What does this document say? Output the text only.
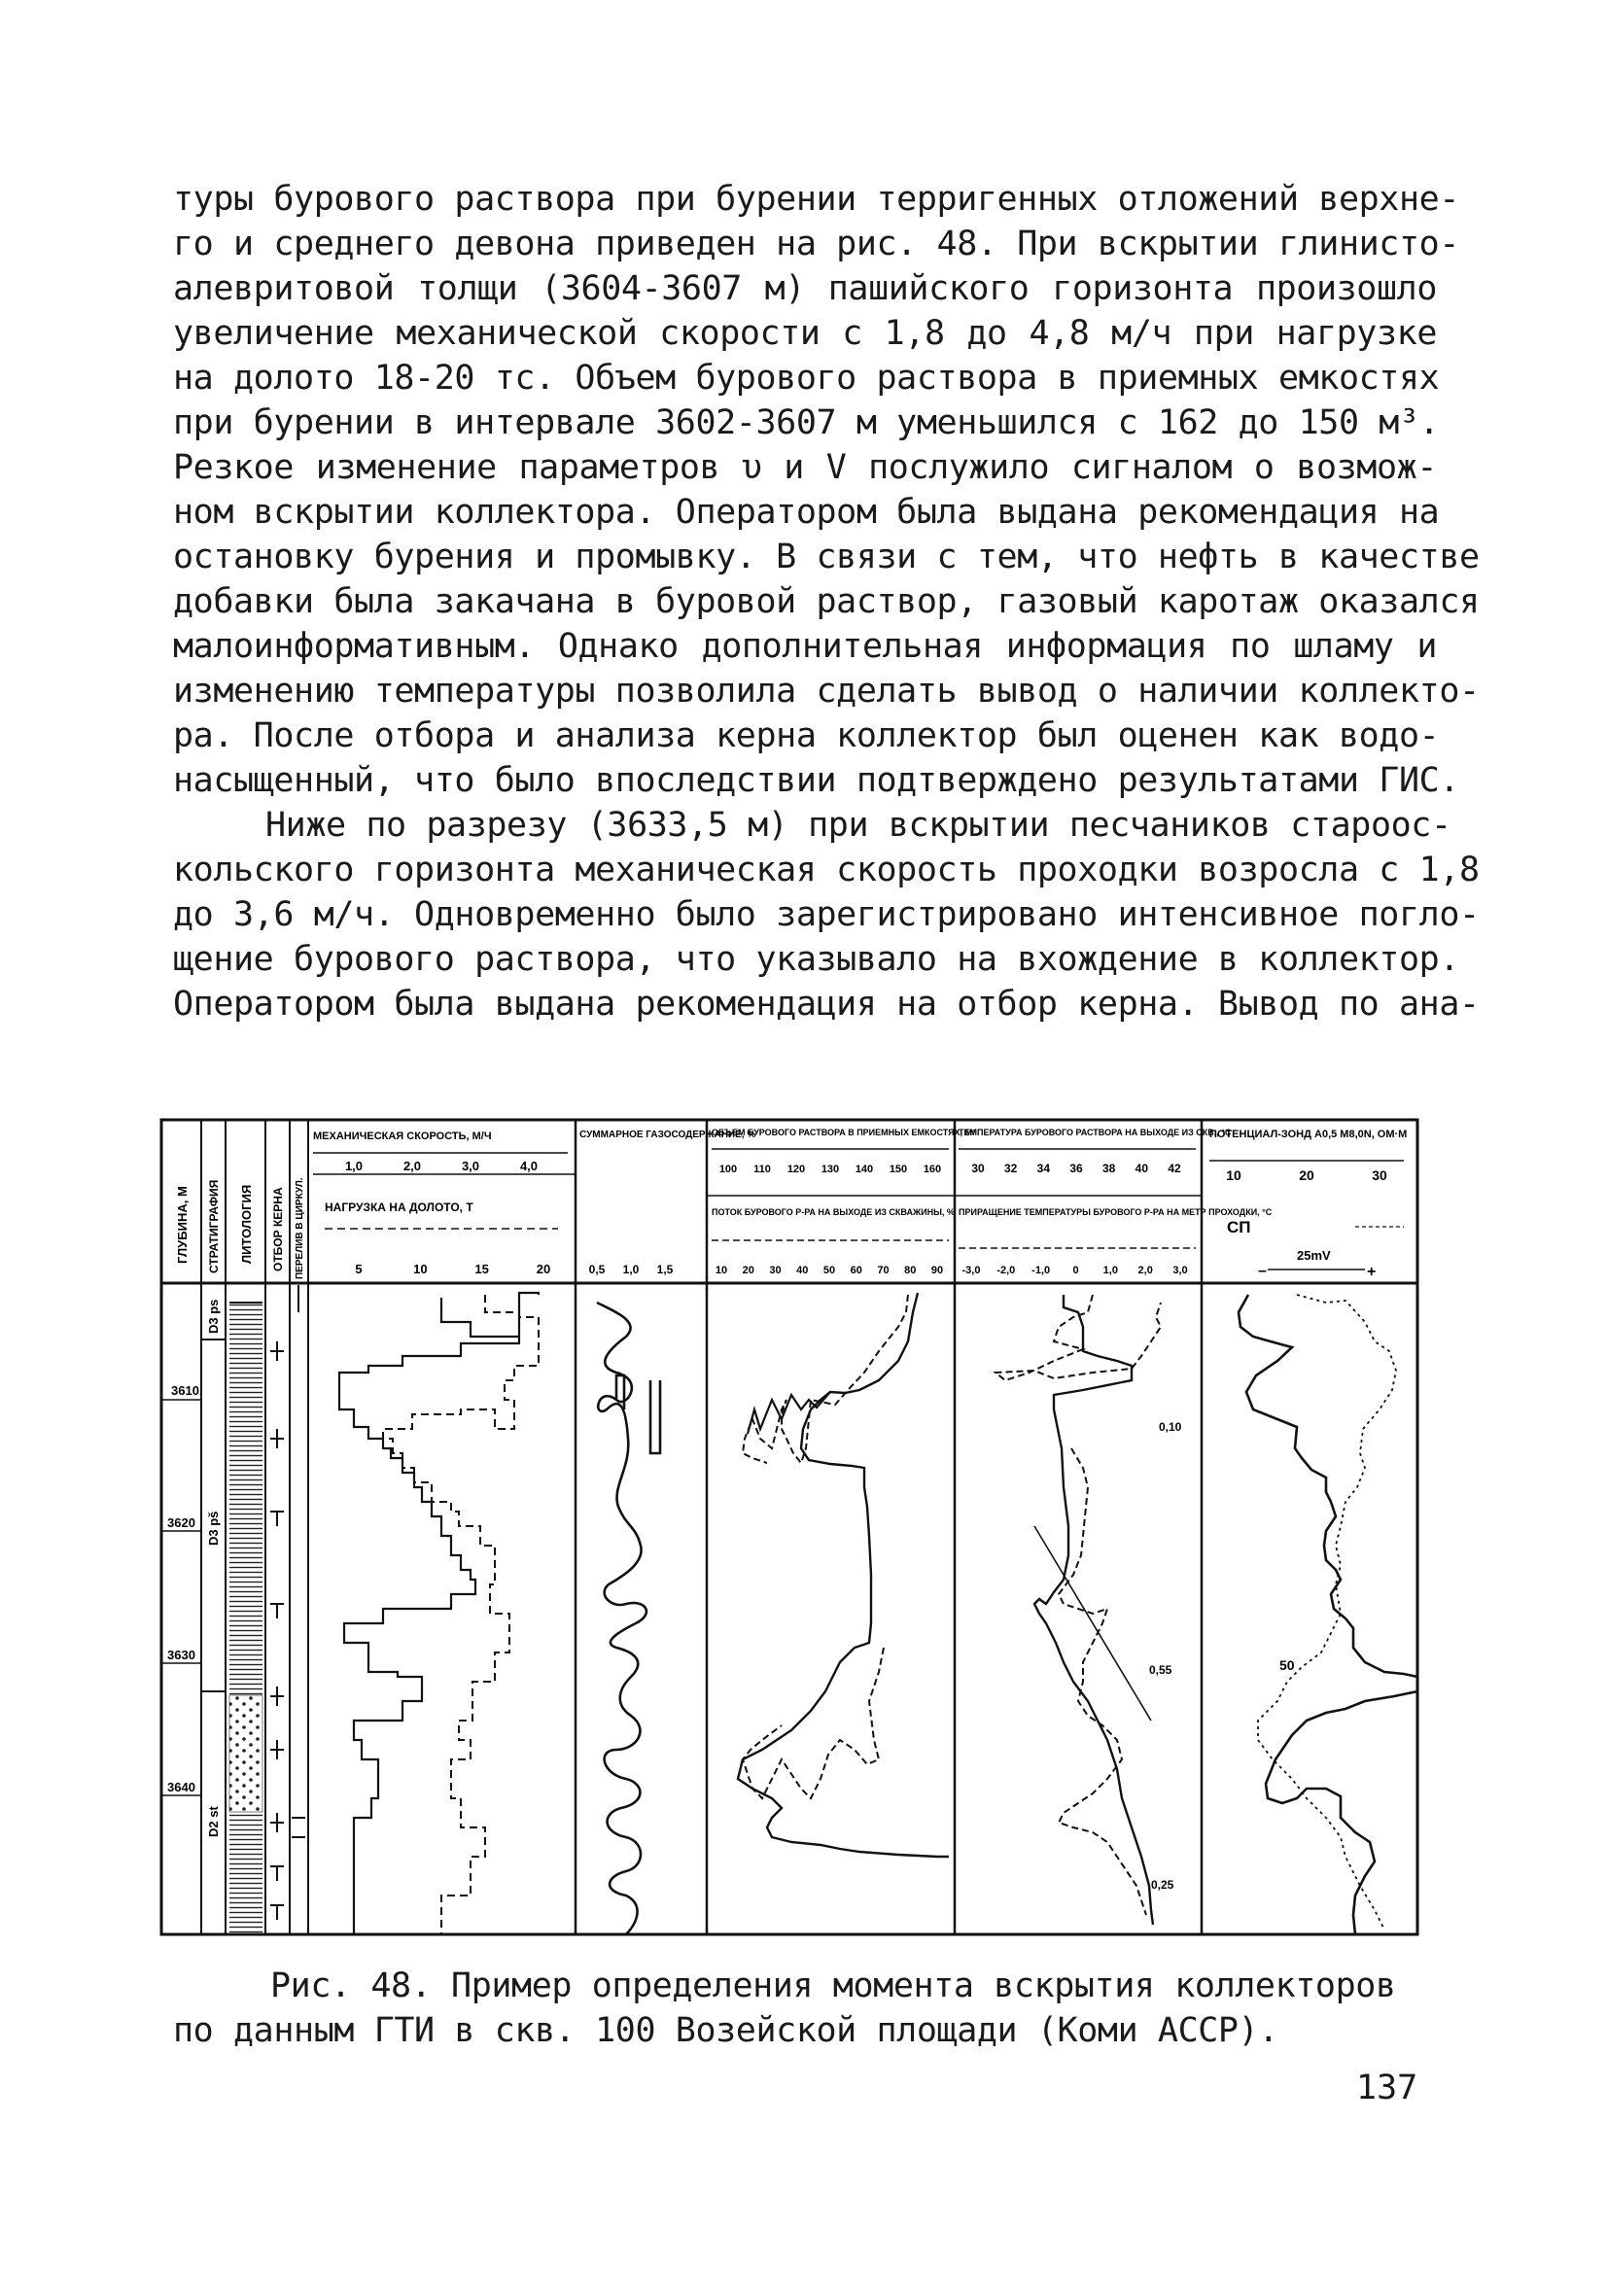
туры бурового раствора при бурении терригенных отложений верхне-
го и среднего девона приведен на рис. 48. При вскрытии глинисто-
алевритовой толщи (3604-3607 м) пашийского горизонта произошло
увеличение механической скорости с 1,8 до 4,8 м/ч при нагрузке
на долото 18-20 тс. Объем бурового раствора в приемных емкостях
при бурении в интервале 3602-3607 м уменьшился с 162 до 150 м³.
Резкое изменение параметров υ и V послужило сигналом о возмож-
ном вскрытии коллектора. Оператором была выдана рекомендация на
остановку бурения и промывку. В связи с тем, что нефть в качестве
добавки была закачана в буровой раствор, газовый каротаж оказался
малоинформативным. Однако дополнительная информация по шламу и
изменению температуры позволила сделать вывод о наличии коллекто-
ра. После отбора и анализа керна коллектор был оценен как водо-
насыщенный, что было впоследствии подтверждено результатами ГИС.
Ниже по разрезу (3633,5 м) при вскрытии песчаников староос-
кольского горизонта механическая скорость проходки возросла с 1,8
до 3,6 м/ч. Одновременно было зарегистрировано интенсивное погло-
щение бурового раствора, что указывало на вхождение в коллектор.
Оператором была выдана рекомендация на отбор керна. Вывод по ана-
ГЛУБИНА, М СТРАТИГРАФИЯ ЛИТОЛОГИЯ ОТБОР КЕРНА ПЕРЕЛИВ В ЦИРКУЛ.
МЕХАНИЧЕСКАЯ СКОРОСТЬ, М/Ч
1,0	2,0	3,0	4,0
НАГРУЗКА НА ДОЛОТО, Т
5	10	15	20
СУММАРНОЕ ГАЗОСОДЕРЖАНИЕ, %
0,5 1,0 1,5
ОБЪЕМ БУРОВОГО РАСТВОРА В ПРИЕМНЫХ ЕМКОСТЯХ, М³
100 110 120 130 140 150 160
ПОТОК БУРОВОГО Р-РА НА ВЫХОДЕ ИЗ СКВАЖИНЫ, %
10 20 30 40 50 60 70 80 90
ТЕМПЕРАТУРА БУРОВОГО РАСТВОРА НА ВЫХОДЕ ИЗ СКВ., °С
30 32 34 36 38 40 42
ПРИРАЩЕНИЕ ТЕМПЕРАТУРЫ БУРОВОГО Р-РА НА МЕТР ПРОХОДКИ, °С
-3,0 -2,0 -1,0 0 1,0 2,0 3,0
ПОТЕНЦИАЛ-ЗОНД A0,5 M8,0N, ОМ·М
10	20	30
СП
25mV
–	+
3610
3620
3630
3640
D3 ps
D3 pš
D2 st
0,10
0,55
0,25
50
Рис. 48. Пример определения момента вскрытия коллекторов
по данным ГТИ в скв. 100 Возейской площади (Коми АССР).
137
